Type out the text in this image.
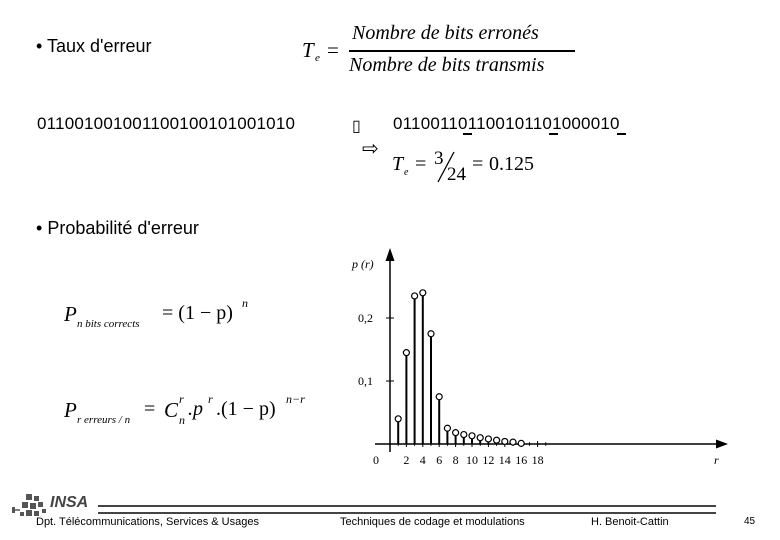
• Taux d'erreur	T e =
Nombre de bits erronés
Nombre de bits transmis
011001001001100100101001010	▯
⇨
011001101100101101000010
T e = 3
24 = 0.125
• Probabilité d'erreur
P n bits corrects = (1 − p) n
P r erreurs / n = C r
n .p r .(1 − p) n−r
p (r)
r
0,1
0,2
0 2 4 6 8 10 12 14 16 18
INSA
Dpt. Télécommunications, Services & Usages	Techniques de codage et modulations	H. Benoit-Cattin	45
